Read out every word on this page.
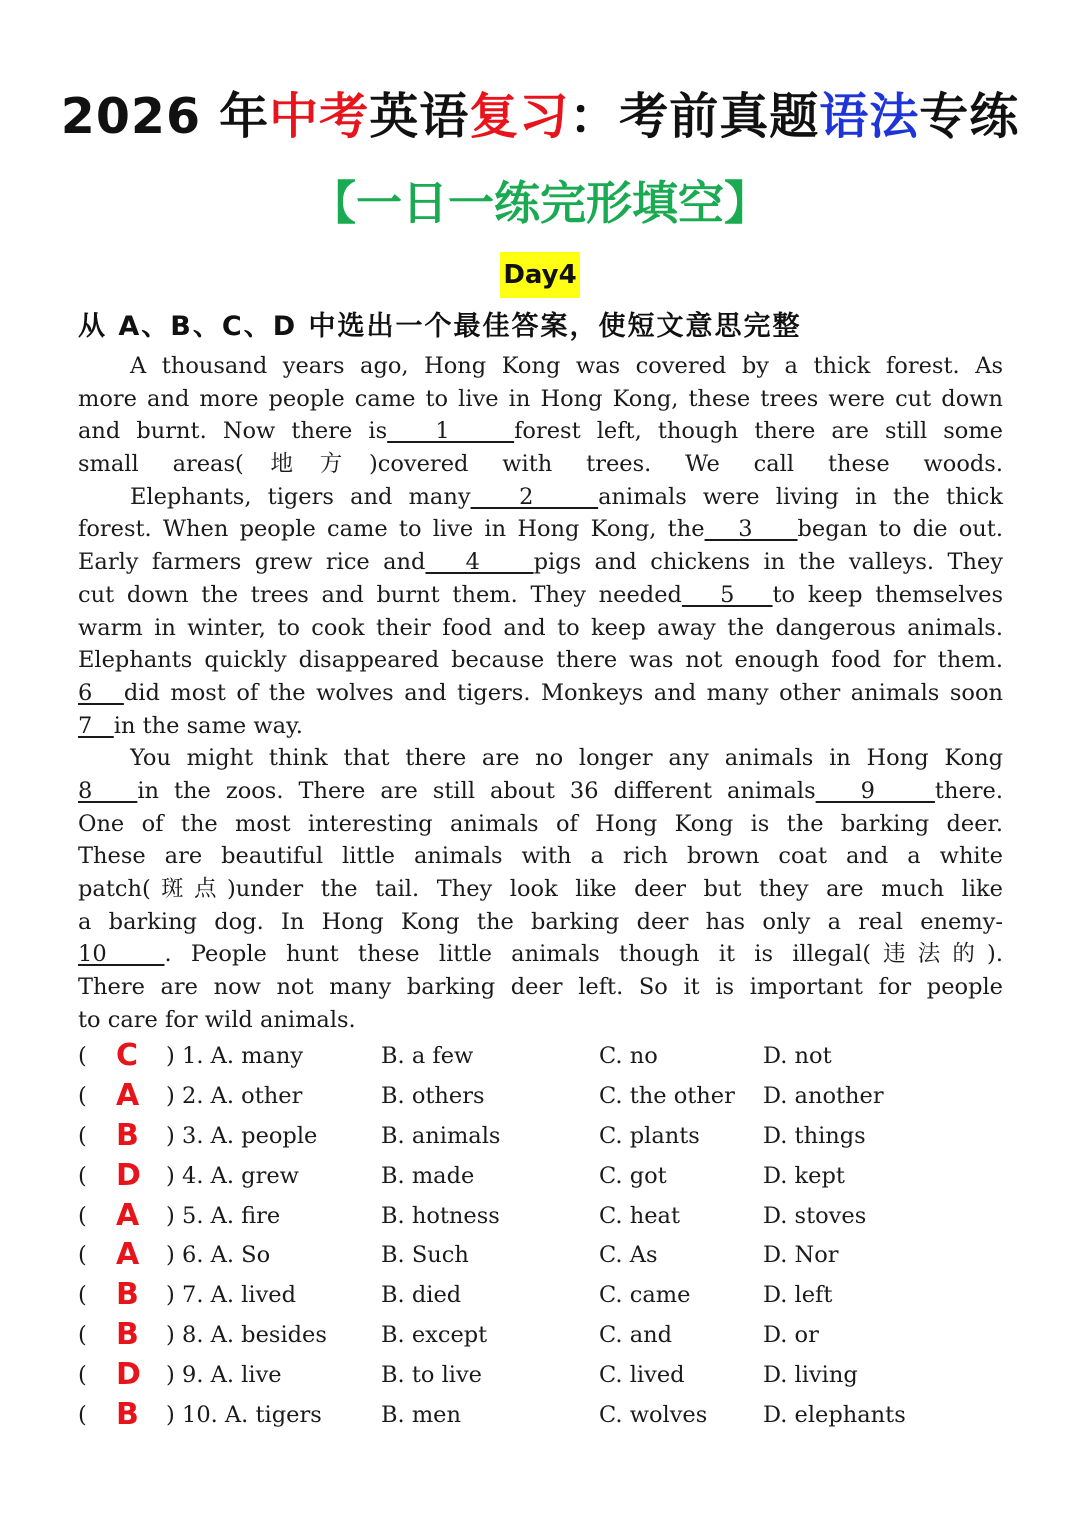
2026 年中考英语复习：考前真题语法专练
【一日一练完形填空】
Day4
从 A、B、C、D 中选出一个最佳答案，使短文意思完整
A thousand years ago, Hong Kong was covered by a thick forest. As
more and more people came to live in Hong Kong, these trees were cut down
and burnt. Now there is   1    forest left, though there are still some
small areas(地方)covered with trees. We call these woods.
Elephants, tigers and many   2    animals were living in the thick
forest. When people came to live in Hong Kong, the   3    began to die out.
Early farmers grew rice and   4    pigs and chickens in the valleys. They
cut down the trees and burnt them. They needed   5   to keep themselves
warm in winter, to cook their food and to keep away the dangerous animals.
Elephants quickly disappeared because there was not enough food for them.
6   did most of the wolves and tigers. Monkeys and many other animals soon
7   in the same way.
You might think that there are no longer any animals in Hong Kong
8   in the zoos. There are still about 36 different animals   9    there.
One of the most interesting animals of Hong Kong is the barking deer.
These are beautiful little animals with a rich brown coat and a white
patch(斑点)under the tail. They look like deer but they are much like
a barking dog. In Hong Kong the barking deer has only a real enemy-
10   . People hunt these little animals though it is illegal(违法的).
There are now not many barking deer left. So it is important for people
to care for wild animals.
( C ) 1. A. many	B. a few	C. no	D. not
( A ) 2. A. other	B. others	C. the other D. another
( B ) 3. A. people	B. animals	C. plants	D. things
( D ) 4. A. grew	B. made	C. got	D. kept
( A ) 5. A. fire	B. hotness	C. heat	D. stoves
( A ) 6. A. So	B. Such	C. As	D. Nor
( B ) 7. A. lived	B. died	C. came	D. left
( B ) 8. A. besides B. except	C. and	D. or
( D ) 9. A. live	B. to live	C. lived	D. living
( B ) 10. A. tigers	B. men	C. wolves D. elephants
